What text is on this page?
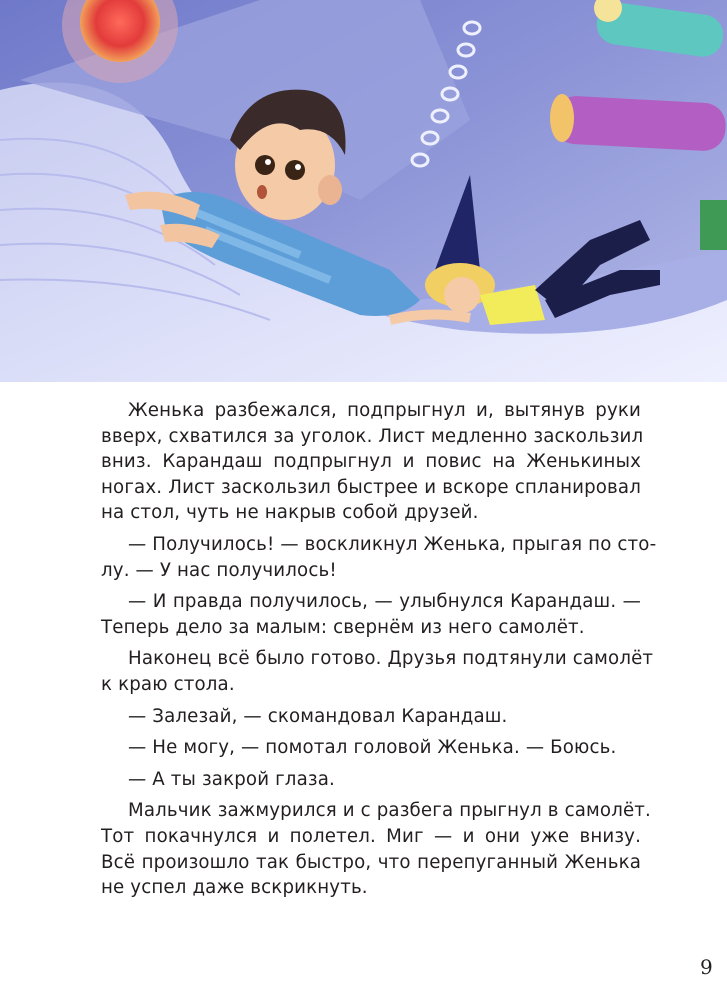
Женька разбежался, подпрыгнул и, вытянув руки
вверх, схватился за уголок. Лист медленно заскользил
вниз. Карандаш подпрыгнул и повис на Женькиных
ногах. Лист заскользил быстрее и вскоре спланировал
на стол, чуть не накрыв собой друзей.

— Получилось! — воскликнул Женька, прыгая по сто-
лу. — У нас получилось!

— И правда получилось, — улыбнулся Карандаш. —
Теперь дело за малым: свернём из него самолёт.

Наконец всё было готово. Друзья подтянули самолёт
к краю стола.

— Залезай, — скомандовал Карандаш.

— Не могу, — помотал головой Женька. — Боюсь.

— А ты закрой глаза.

Мальчик зажмурился и с разбега прыгнул в самолёт.
Тот покачнулся и полетел. Миг — и они уже внизу.
Всё произошло так быстро, что перепуганный Женька
не успел даже вскрикнуть.

9
